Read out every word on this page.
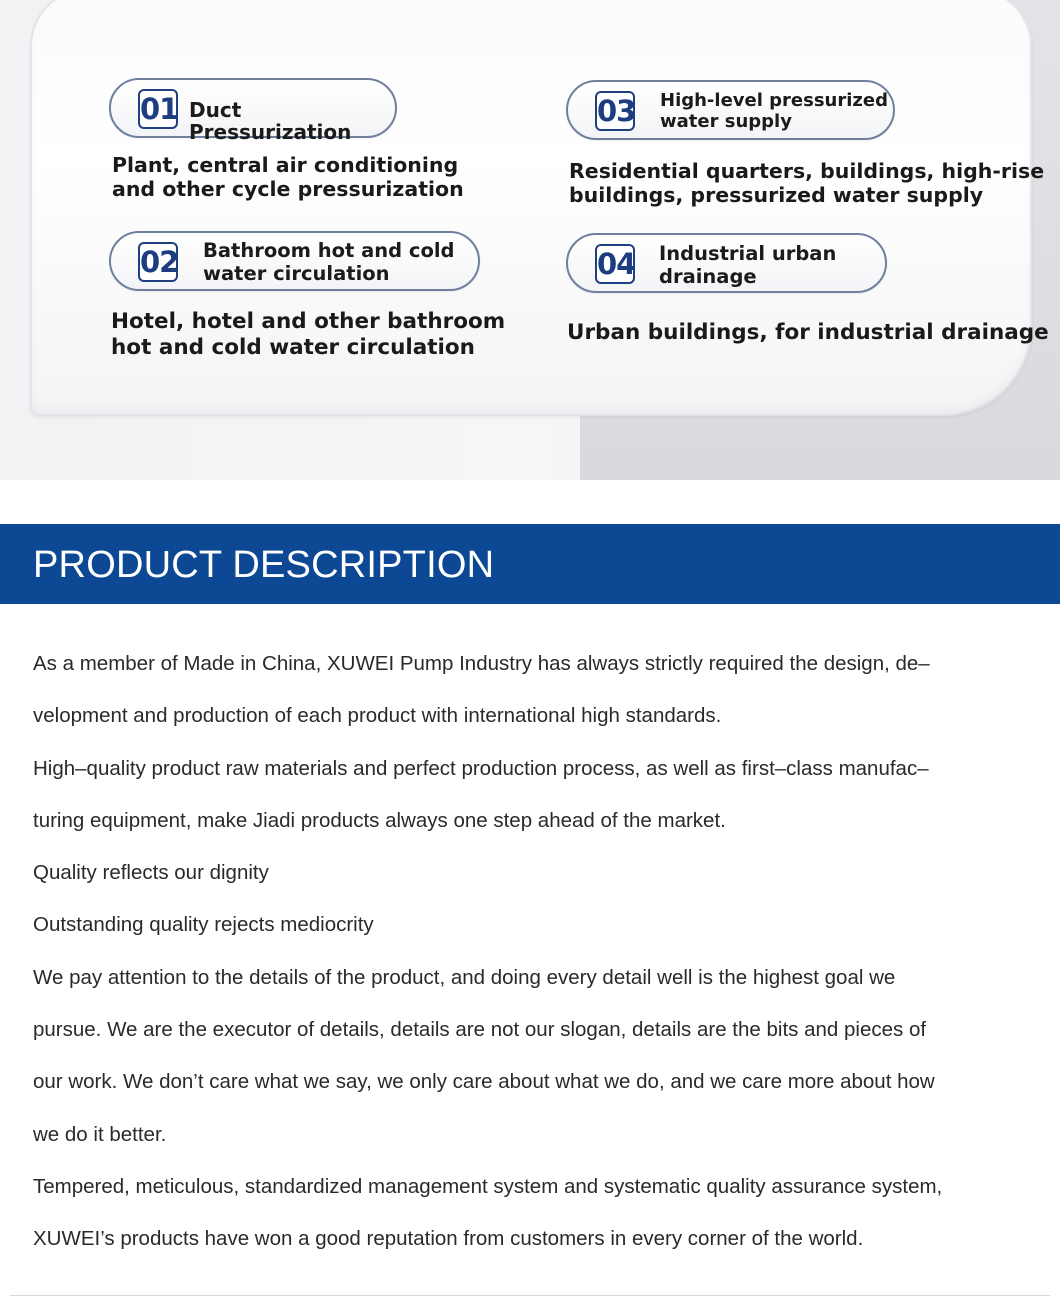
01 Duct Pressurization
Plant, central air conditioning
and other cycle pressurization
02 Bathroom hot and cold
water circulation
Hotel, hotel and other bathroom
hot and cold water circulation
03 High-level pressurized
water supply
Residential quarters, buildings, high-rise
buildings, pressurized water supply
04 Industrial urban
drainage
Urban buildings, for industrial drainage
PRODUCT DESCRIPTION
As a member of Made in China, XUWEI Pump Industry has always strictly required the design, de–
velopment and production of each product with international high standards.
High–quality product raw materials and perfect production process, as well as first–class manufac–
turing equipment, make Jiadi products always one step ahead of the market.
Quality reflects our dignity
Outstanding quality rejects mediocrity
We pay attention to the details of the product, and doing every detail well is the highest goal we
pursue. We are the executor of details, details are not our slogan, details are the bits and pieces of
our work. We don’t care what we say, we only care about what we do, and we care more about how
we do it better.
Tempered, meticulous, standardized management system and systematic quality assurance system,
XUWEI’s products have won a good reputation from customers in every corner of the world.
